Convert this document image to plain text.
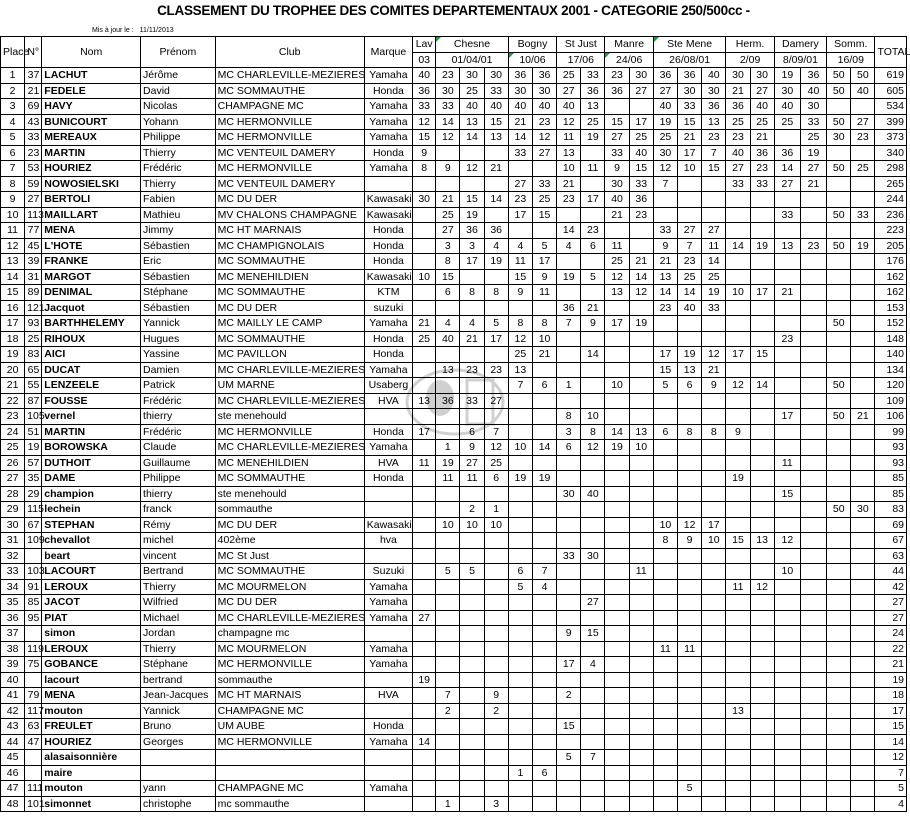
CLASSEMENT DU TROPHEE DES COMITES DEPARTEMENTAUX 2001 - CATEGORIE 250/500cc -
Mis à jour le : 11/11/2013
Place	N°	Nom	Prénom	Club	Marque	Lav	Chesne			Bogny		St Just		Manre		Ste Mene			Herm.		Damery		Somm.		TOTAL
						03	01/04/01			10/06		17/06		24/06		26/08/01			2/09		8/09/01		16/09		
1	37	LACHUT	Jérôme	MC CHARLEVILLE-MEZIERES	Yamaha	40	23	30	30	36	36	25	33	23	30	36	36	40	30	30	19	36	50	50	619
2	21	FEDELE	David	MC SOMMAUTHE	Honda	36	30	25	33	30	30	27	36	36	27	27	30	30	21	27	30	40	50	40	605
3	69	HAVY	Nicolas	CHAMPAGNE MC	Yamaha	33	33	40	40	40	40	40	13			40	33	36	36	40	40	30			534
4	43	BUNICOURT	Yohann	MC HERMONVILLE	Yamaha	12	14	13	15	21	23	12	25	15	17	19	15	13	25	25	25	33	50	27	399
5	33	MEREAUX	Philippe	MC HERMONVILLE	Yamaha	15	12	14	13	14	12	11	19	27	25	25	21	23	23	21		25	30	23	373
6	23	MARTIN	Thierry	MC VENTEUIL DAMERY	Honda	9				33	27	13		33	40	30	17	7	40	36	36	19			340
7	53	HOURIEZ	Frédéric	MC HERMONVILLE	Yamaha	8	9	12	21			10	11	9	15	12	10	15	27	23	14	27	50	25	298
8	59	NOWOSIELSKI	Thierry	MC VENTEUIL DAMERY						27	33	21		30	33	7			33	33	27	21			265
9	27	BERTOLI	Fabien	MC DU DER	Kawasaki	30	21	15	14	23	25	23	17	40	36										244
10	113	MAILLART	Mathieu	MV CHALONS CHAMPAGNE	Kawasaki		25	19		17	15			21	23						33		50	33	236
11	77	MENA	Jimmy	MC HT MARNAIS	Honda		27	36	36			14	23			33	27	27							223
12	45	L'HOTE	Sébastien	MC CHAMPIGNOLAIS	Honda		3	3	4	4	5	4	6	11		9	7	11	14	19	13	23	50	19	205
13	39	FRANKE	Eric	MC SOMMAUTHE	Honda		8	17	19	11	17			25	21	21	23	14							176
14	31	MARGOT	Sébastien	MC MENEHILDIEN	Kawasaki	10	15			15	9	19	5	12	14	13	25	25							162
15	89	DENIMAL	Stéphane	MC SOMMAUTHE	KTM		6	8	8	9	11			13	12	14	14	19	10	17	21				162
16	121	Jacquot	Sébastien	MC DU DER	suzuki							36	21			23	40	33							153
17	93	BARTHHELEMY	Yannick	MC MAILLY LE CAMP	Yamaha	21	4	4	5	8	8	7	9	17	19								50		152
18	25	RIHOUX	Hugues	MC SOMMAUTHE	Honda	25	40	21	17	12	10										23				148
19	83	AICI	Yassine	MC PAVILLON	Honda					25	21		14			17	19	12	17	15					140
20	65	DUCAT	Damien	MC CHARLEVILLE-MEZIERES	Yamaha		13	23	23	13						15	13	21							134
21	55	LENZEELE	Patrick	UM MARNE	Usaberg					7	6	1		10		5	6	9	12	14			50		120
22	87	FOUSSE	Frédéric	MC CHARLEVILLE-MEZIERES	HVA	13	36	33	27																109
23	105	vernel	thierry	ste menehould								8	10								17		50	21	106
24	51	MARTIN	Frédéric	MC HERMONVILLE	Honda	17		6	7			3	8	14	13	6	8	8	9						99
25	19	BOROWSKA	Claude	MC CHARLEVILLE-MEZIERES	Yamaha		1	9	12	10	14	6	12	19	10										93
26	57	DUTHOIT	Guillaume	MC MENEHILDIEN	HVA	11	19	27	25												11				93
27	35	DAME	Philippe	MC SOMMAUTHE	Honda		11	11	6	19	19								19						85
28	29	champion	thierry	ste menehould								30	40								15				85
29	115	lechein	franck	sommauthe				2	1														50	30	83
30	67	STEPHAN	Rémy	MC DU DER	Kawasaki		10	10	10							10	12	17							69
31	109	chevallot	michel	402ème	hva											8	9	10	15	13	12				67
32		beart	vincent	MC St Just								33	30												63
33	103	LACOURT	Bertrand	MC SOMMAUTHE	Suzuki		5	5		6	7				11						10				44
34	91	LEROUX	Thierry	MC MOURMELON	Yamaha					5	4								11	12					42
35	85	JACOT	Wilfried	MC DU DER	Yamaha								27												27
36	95	PIAT	Michael	MC CHARLEVILLE-MEZIERES	Yamaha	27																			27
37		simon	Jordan	champagne mc								9	15												24
38	119	LEROUX	Thierry	MC MOURMELON	Yamaha											11	11								22
39	75	GOBANCE	Stéphane	MC HERMONVILLE	Yamaha							17	4												21
40		lacourt	bertrand	sommauthe		19																			19
41	79	MENA	Jean-Jacques	MC HT MARNAIS	HVA		7		9			2													18
42	117	mouton	Yannick	CHAMPAGNE MC			2		2										13						17
43	63	FREULET	Bruno	UM AUBE	Honda							15													15
44	47	HOURIEZ	Georges	MC HERMONVILLE	Yamaha	14																			14
45		alasaisonnière										5	7												12
46		maire								1	6														7
47	111	mouton	yann	CHAMPAGNE MC	Yamaha												5								5
48	101	simonnet	christophe	mc sommauthe			1		3																4
